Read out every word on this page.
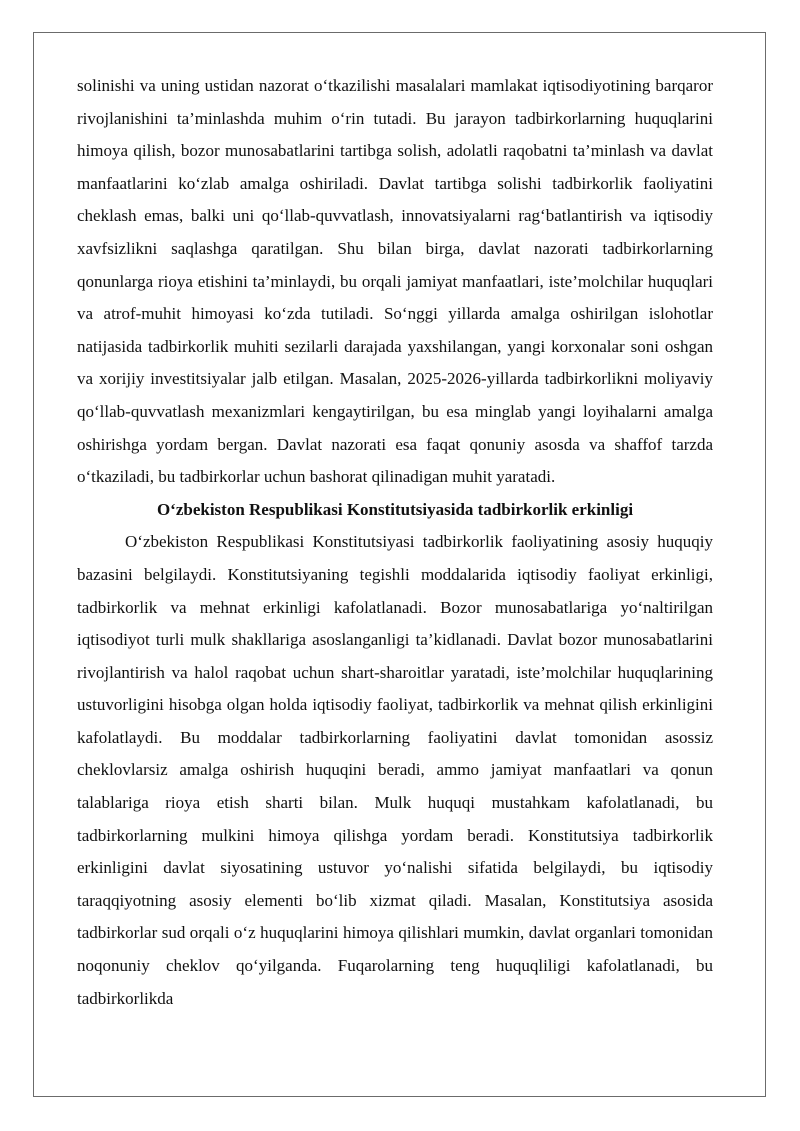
solinishi va uning ustidan nazorat o‘tkazilishi masalalari mamlakat iqtisodiyotining barqaror rivojlanishini ta’minlashda muhim o‘rin tutadi. Bu jarayon tadbirkorlarning huquqlarini himoya qilish, bozor munosabatlarini tartibga solish, adolatli raqobatni ta’minlash va davlat manfaatlarini ko‘zlab amalga oshiriladi. Davlat tartibga solishi tadbirkorlik faoliyatini cheklash emas, balki uni qo‘llab-quvvatlash, innovatsiyalarni rag‘batlantirish va iqtisodiy xavfsizlikni saqlashga qaratilgan. Shu bilan birga, davlat nazorati tadbirkorlarning qonunlarga rioya etishini ta’minlaydi, bu orqali jamiyat manfaatlari, iste’molchilar huquqlari va atrof-muhit himoyasi ko‘zda tutiladi. So‘nggi yillarda amalga oshirilgan islohotlar natijasida tadbirkorlik muhiti sezilarli darajada yaxshilangan, yangi korxonalar soni oshgan va xorijiy investitsiyalar jalb etilgan. Masalan, 2025-2026-yillarda tadbirkorlikni moliyaviy qo‘llab-quvvatlash mexanizmlari kengaytirilgan, bu esa minglab yangi loyihalarni amalga oshirishga yordam bergan. Davlat nazorati esa faqat qonuniy asosda va shaffof tarzda o‘tkaziladi, bu tadbirkorlar uchun bashorat qilinadigan muhit yaratadi.

O‘zbekiston Respublikasi Konstitutsiyasida tadbirkorlik erkinligi

O‘zbekiston Respublikasi Konstitutsiyasi tadbirkorlik faoliyatining asosiy huquqiy bazasini belgilaydi. Konstitutsiyaning tegishli moddalarida iqtisodiy faoliyat erkinligi, tadbirkorlik va mehnat erkinligi kafolatlanadi. Bozor munosabatlariga yo‘naltirilgan iqtisodiyot turli mulk shakllariga asoslanganligi ta’kidlanadi. Davlat bozor munosabatlarini rivojlantirish va halol raqobat uchun shart-sharoitlar yaratadi, iste’molchilar huquqlarining ustuvorligini hisobga olgan holda iqtisodiy faoliyat, tadbirkorlik va mehnat qilish erkinligini kafolatlaydi. Bu moddalar tadbirkorlarning faoliyatini davlat tomonidan asossiz cheklovlarsiz amalga oshirish huquqini beradi, ammo jamiyat manfaatlari va qonun talablariga rioya etish sharti bilan. Mulk huquqi mustahkam kafolatlanadi, bu tadbirkorlarning mulkini himoya qilishga yordam beradi. Konstitutsiya tadbirkorlik erkinligini davlat siyosatining ustuvor yo‘nalishi sifatida belgilaydi, bu iqtisodiy taraqqiyotning asosiy elementi bo‘lib xizmat qiladi. Masalan, Konstitutsiya asosida tadbirkorlar sud orqali o‘z huquqlarini himoya qilishlari mumkin, davlat organlari tomonidan noqonuniy cheklov qo‘yilganda. Fuqarolarning teng huquqliligi kafolatlanadi, bu tadbirkorlikda
